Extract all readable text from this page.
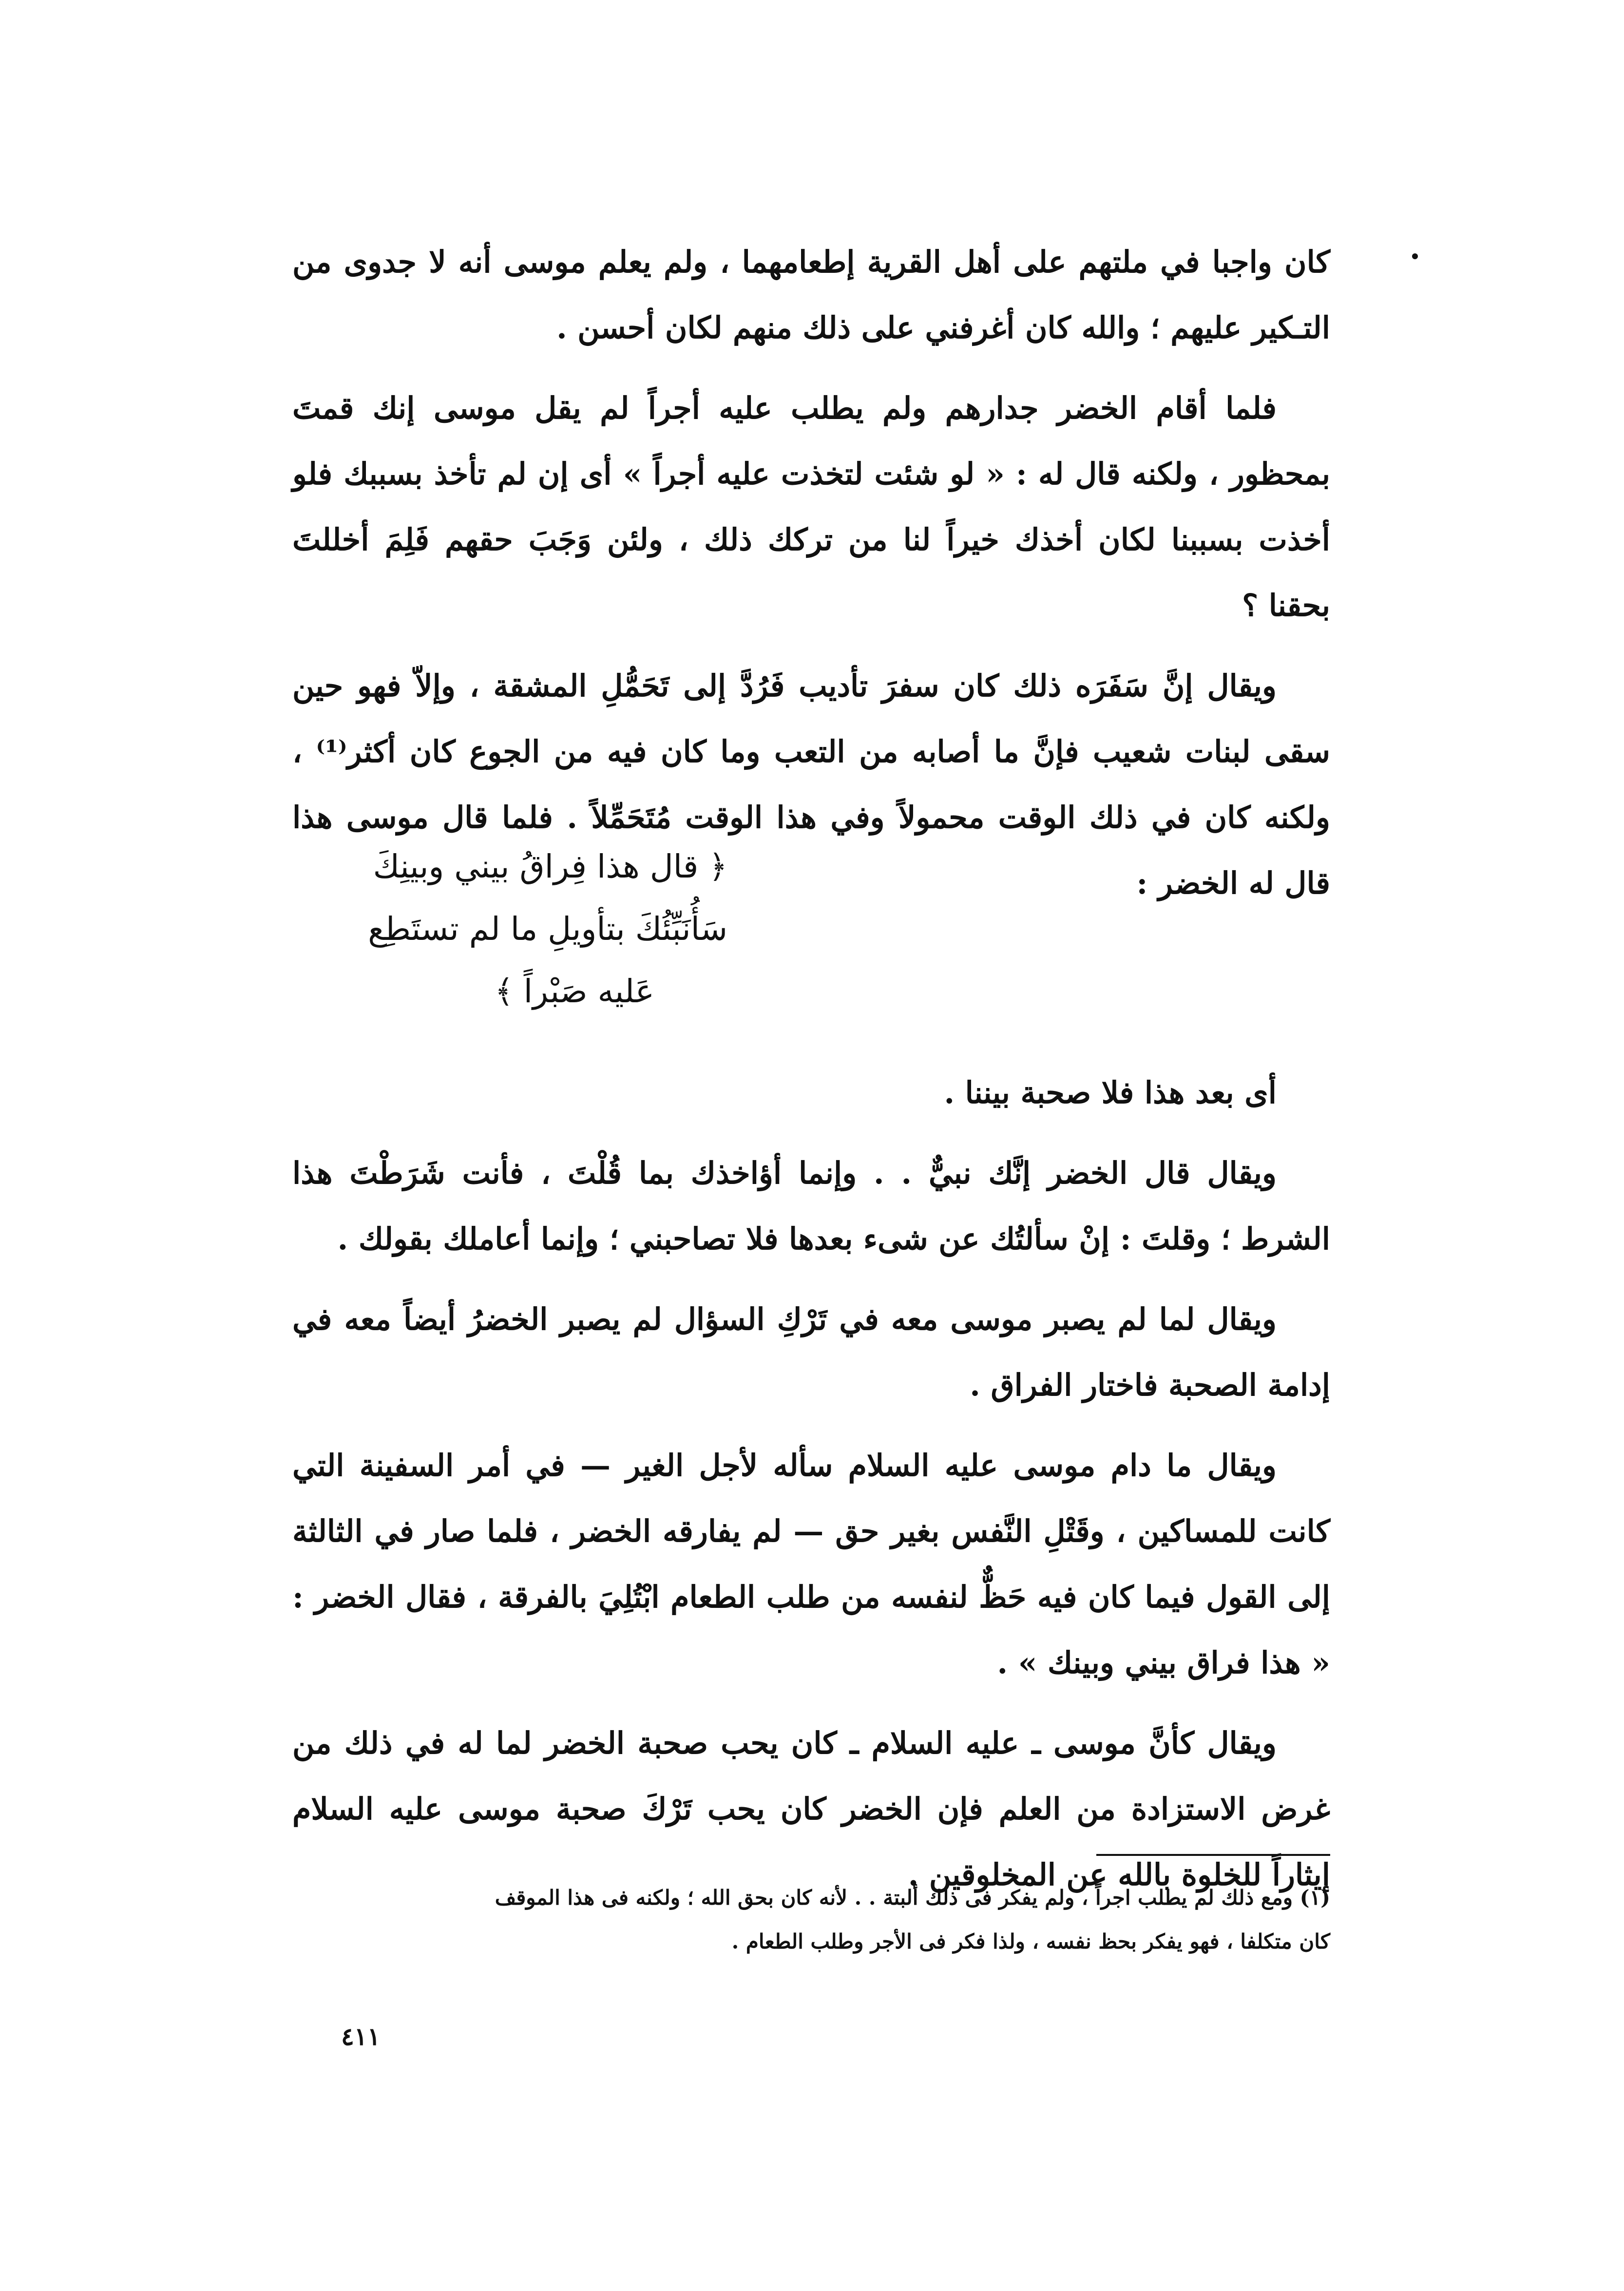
كان واجبا في ملتهم على أهل القرية إطعامهما ، ولم يعلم موسى أنه لا جدوى من التـكير عليهم ؛ والله كان أغرفني على ذلك منهم لكان أحسن .

فلما أقام الخضر جدارهم ولم يطلب عليه أجراً لم يقل موسى إنك قمتَ بمحظور ، ولكنه قال له : « لو شئت لتخذت عليه أجراً » أى إن لم تأخذ بسببك فلو أخذت بسببنا لكان أخذك خيراً لنا من تركك ذلك ، ولئن وَجَبَ حقهم فَلِمَ أخللتَ بحقنا ؟

ويقال إنَّ سَفَرَه ذلك كان سفرَ تأديب فَرُدَّ إلى تَحَمُّلِ المشقة ، وإلاّ فهو حين سقى لبنات شعيب فإنَّ ما أصابه من التعب وما كان فيه من الجوع كان أكثر⁽¹⁾ ، ولكنه كان في ذلك الوقت محمولاً وفي هذا الوقت مُتَحَمِّلاً . فلما قال موسى هذا قال له الخضر :

﴿ قال هذا فِراقُ بيني وبينِكَ
سَأُنَبِّئُكَ بتأويلِ ما لم تستَطِع
عَليه صَبْراً ﴾

أى بعد هذا فلا صحبة بيننا .

ويقال قال الخضر إنَّك نبيٌّ . . وإنما أؤاخذك بما قُلْتَ ، فأنت شَرَطْتَ هذا الشرط ؛ وقلتَ : إنْ سألتُك عن شىء بعدها فلا تصاحبني ؛ وإنما أعاملك بقولك .

ويقال لما لم يصبر موسى معه في تَرْكِ السؤال لم يصبر الخضرُ أيضاً معه في إدامة الصحبة فاختار الفراق .

ويقال ما دام موسى عليه السلام سأله لأجل الغير — في أمر السفينة التي كانت للمساكين ، وقَتْلِ النَّفس بغير حق — لم يفارقه الخضر ، فلما صار في الثالثة إلى القول فيما كان فيه حَظٌّ لنفسه من طلب الطعام ابْتُلِيَ بالفرقة ، فقال الخضر : « هذا فراق بيني وبينك » .

ويقال كأنَّ موسى ـ عليه السلام ـ كان يحب صحبة الخضر لما له في ذلك من غرض الاستزادة من العلم فإن الخضر كان يحب تَرْكَ صحبة موسى عليه السلام إيثاراً للخلوة بالله عن المخلوقين .

(١) ومع ذلك لم يطلب اجراً ، ولم يفكر فى ذلك ألبتة . . لأنه كان بحق الله ؛ ولكنه فى هذا الموقف

كان متكلفا ، فهو يفكر بحظ نفسه ، ولذا فكر فى الأجر وطلب الطعام .

٤١١
